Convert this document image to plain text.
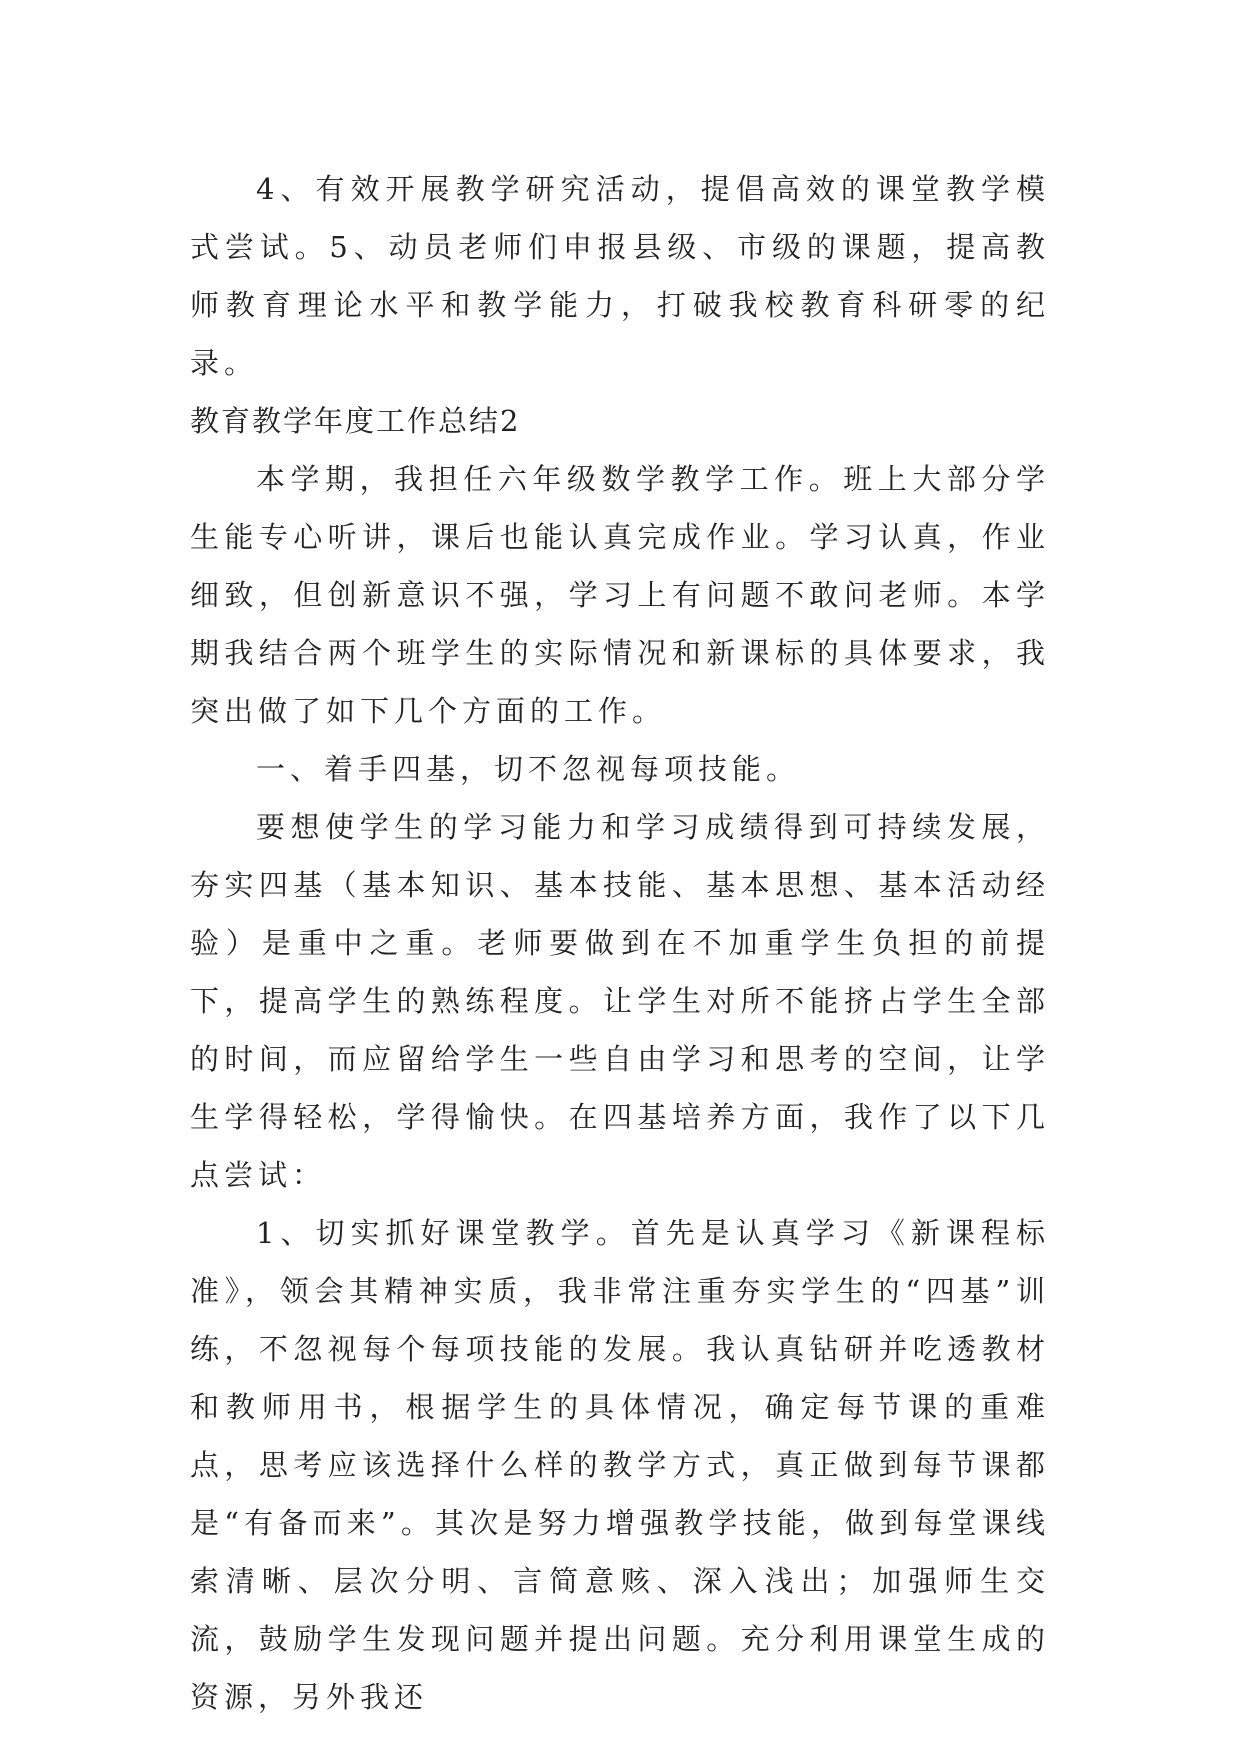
4、有效开展教学研究活动，提倡高效的课堂教学模式尝试。5、动员老师们申报县级、市级的课题，提高教师教育理论水平和教学能力，打破我校教育科研零的纪录。

教育教学年度工作总结2

本学期，我担任六年级数学教学工作。班上大部分学生能专心听讲，课后也能认真完成作业。学习认真，作业细致，但创新意识不强，学习上有问题不敢问老师。本学期我结合两个班学生的实际情况和新课标的具体要求，我突出做了如下几个方面的工作。

一、着手四基，切不忽视每项技能。

要想使学生的学习能力和学习成绩得到可持续发展，夯实四基（基本知识、基本技能、基本思想、基本活动经验）是重中之重。老师要做到在不加重学生负担的前提下，提高学生的熟练程度。让学生对所不能挤占学生全部的时间，而应留给学生一些自由学习和思考的空间，让学生学得轻松，学得愉快。在四基培养方面，我作了以下几点尝试：

1、切实抓好课堂教学。首先是认真学习《新课程标准》，领会其精神实质，我非常注重夯实学生的“四基”训练，不忽视每个每项技能的发展。我认真钻研并吃透教材和教师用书，根据学生的具体情况，确定每节课的重难点，思考应该选择什么样的教学方式，真正做到每节课都是“有备而来”。其次是努力增强教学技能，做到每堂课线索清晰、层次分明、言简意赅、深入浅出；加强师生交流，鼓励学生发现问题并提出问题。充分利用课堂生成的资源，另外我还
